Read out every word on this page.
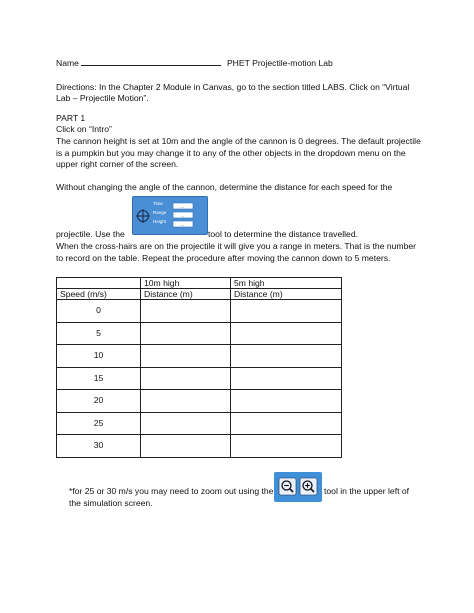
Name	PHET Projectile-motion Lab
Directions: In the Chapter 2 Module in Canvas, go to the section titled LABS. Click on “Virtual
Lab – Projectile Motion”.
PART 1
Click on “Intro”
The cannon height is set at 10m and the angle of the cannon is 0 degrees. The default projectile
is a pumpkin but you may change it to any of the other objects in the dropdown menu on the
upper right corner of the screen.
Without changing the angle of the cannon, determine the distance for each speed for the
--
--
--
Time
Range
Height
projectile. Use the	tool to determine the distance travelled.
When the cross-hairs are on the projectile it will give you a range in meters. That is the number
to record on the table. Repeat the procedure after moving the cannon down to 5 meters.
	10m high	5m high
Speed (m/s)	Distance (m)	Distance (m)
0		
5		
10		
15		
20		
25		
30		
*for 25 or 30 m/s you may need to zoom out using the	tool in the upper left of
the simulation screen.
